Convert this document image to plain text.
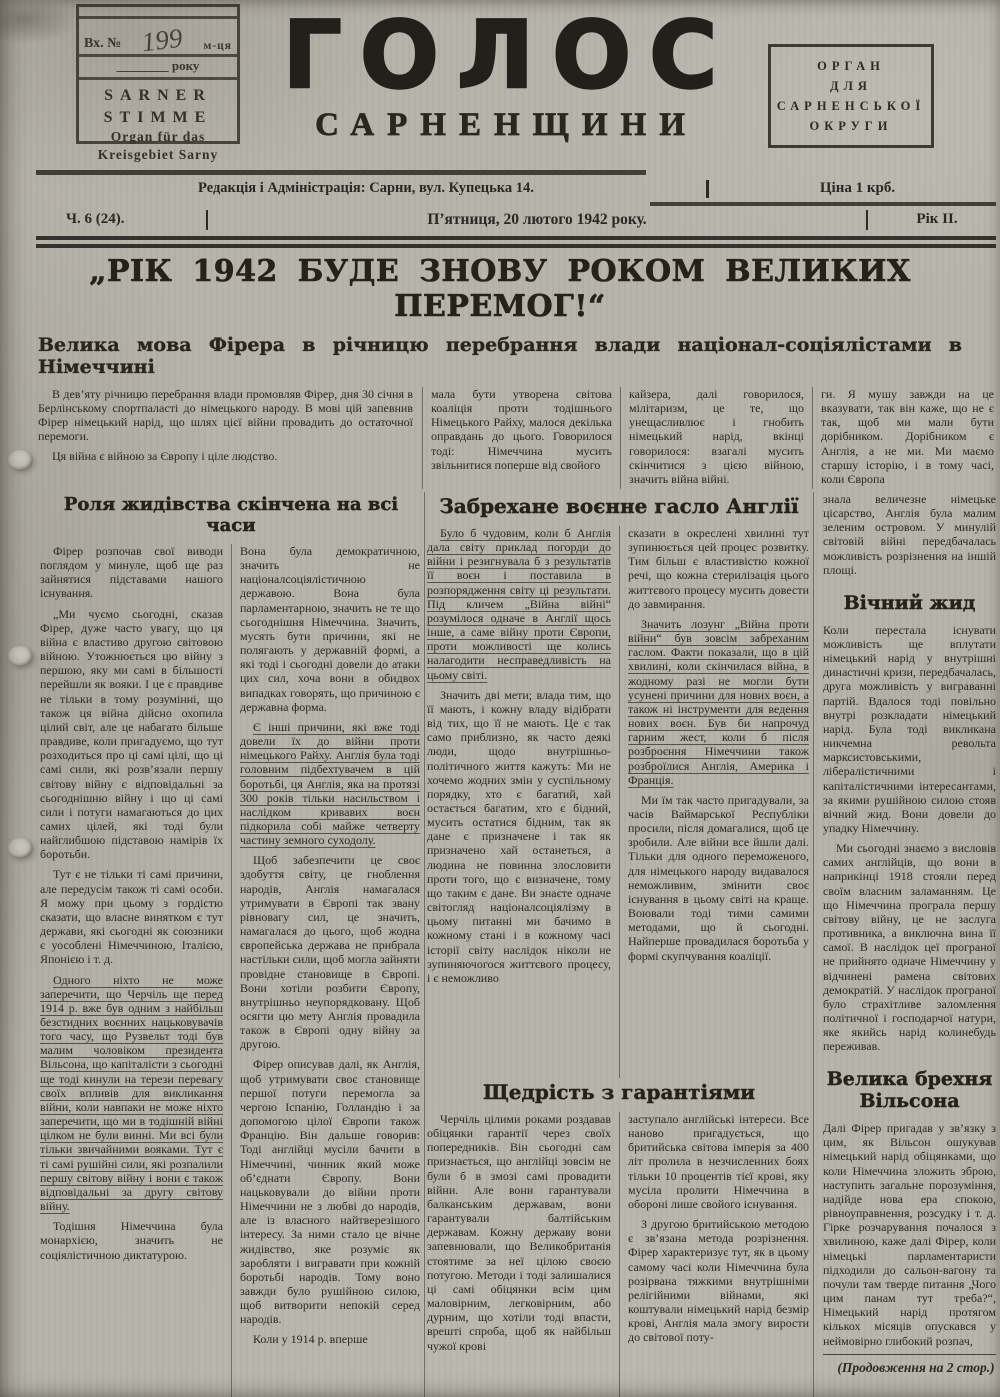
Вх. № 199	м-ця
________ року
SARNER
STIMME
Organ für das
Kreisgebiet Sarny
ГОЛОС
САРНЕНЩИНИ
ОРГАН
ДЛЯ
САРНЕНСЬКОЇ
ОКРУГИ
Редакція і Адміністрація: Сарни, вул. Купецька 14.	Ціна 1 крб.
Ч. 6 (24).	П’ятниця, 20 лютого 1942 року.	Рік II.
„РІК 1942 БУДЕ ЗНОВУ РОКОМ ВЕЛИКИХ ПЕРЕМОГ!“
Велика мова Фірера в річницю перебрання влади націонал-соціялістами в Німеччині

В дев’яту річницю перебрання влади промовляв Фірер, дня 30 січня в Берлінському спортпаласті до німецького народу. В мові цій запевнив Фірер німецький нарід, що шлях цієї війни провадить до остаточної перемоги.

Ця війна є війною за Європу і ціле людство.

мала бути утворена світова коаліція проти тодішнього Німецького Райху, малося декілька оправдань до цього. Говорилося тоді: Німеччина мусить звільнитися поперше від свойого

кайзера, далі говорилося, мілітаризм, це те, що унещасливлює і гнобить німецький нарід, вкінці говорилося: взагалі мусить скінчитися з цією війною, значить війна війні.

ги. Я мушу завжди на це вказувати, так він каже, що не є так, щоб ми мали бути дорібником. Дорібником є Англія, а не ми. Ми маємо старшу історію, і в тому часі, коли Європа

Роля жидівства скінчена на всі часи

Фірер розпочав свої виводи поглядом у минуле, щоб ще раз зайнятися підставами нашого існування.

„Ми чуємо сьогодні, сказав Фірер, дуже часто увагу, що ця війна є властиво другою світовою війною. Утожнюється цю війну з першою, яку ми самі в більшості перейшли як вояки. І це є правдиве не тільки в тому розумінні, що також ця війна дійсно охопила цілий світ, але це набагато більше правдиве, коли пригадуємо, що тут розходиться про ці самі цілі, що ці самі сили, які розв’язали першу світову війну є відповідальні за сьогоднішню війну і що ці самі сили і потуги намагаються до цих самих цілей, які тоді були найглибшою підставою намірів їх боротьби.

Тут є не тільки ті самі причини, але передусім також ті самі особи. Я можу при цьому з гордістю сказати, що власне винятком є тут держави, які сьогодні як союзники є уособлені Німеччиною, Італією, Японією і т. д.

Одного ніхто не може заперечити, що Черчіль ще перед 1914 р. вже був одним з найбільш безстидних воєнних нацьковувачів того часу, що Рузвельт тоді був малим чоловіком президента Вільсона, що капіталісти з сьогодні ще тоді кинули на терези перевагу своїх впливів для викликання війни, коли навпаки не може ніхто заперечити, що ми в тодішній війні цілком не були винні. Ми всі були тільки звичайними вояками. Тут є ті самі рушійні сили, які розпалили першу світову війну і вони є також відповідальні за другу світову війну.

Тодішня Німеччина була монархією, значить не соціялістичною диктатурою.

Вона була демократичною, значить не націоналсоціялістичною державою. Вона була парламентарною, значить не те що сьогоднішня Німеччина. Значить, мусять бути причини, які не полягають у державній формі, а які тоді і сьогодні довели до атаки цих сил, хоча вони в обидвох випадках говорять, що причиною є державна форма.

Є інші причини, які вже тоді довели їх до війни проти німецького Райху. Англія була тоді головним підбехтувачем в цій боротьбі, ця Англія, яка на протязі 300 років тільки насильством і наслідком кривавих воєн підкорила собі майже четверту частину земного суходолу.

Щоб забезпечити це своє здобуття світу, це гноблення народів, Англія намагалася утримувати в Європі так звану рівновагу сил, це значить, намагалася до цього, щоб жодна європейська держава не прибрала настільки сили, щоб могла зайняти провідне становище в Європі. Вони хотіли розбити Європу, внутрішньо неупорядковану. Щоб осягти цю мету Англія провадила також в Європі одну війну за другою.

Фірер описував далі, як Англія, щоб утримувати своє становище першої потуги перемогла за чергою Іспанію, Голландію і за допомогою цілої Європи також Францію. Він дальше говорив: Тоді англійці мусіли бачити в Німеччині, чинник який може об’єднати Європу. Вони нацьковували до війни проти Німеччини не з любві до народів, але із власного найтверезішого інтересу. За ними стало це вічне жидівство, яке розуміє як заробляти і вигравати при кожній боротьбі народів. Тому воно завжди було рушійною силою, щоб витворити непокій серед народів.

Коли у 1914 р. вперше

Забрехане воєнне гасло Англії

Було б чудовим, коли б Англія дала світу приклад погорди до війни і резигнувала б з результатів її воєн і поставила в розпорядження світу ці результати. Під кличем „Війна війні“ розумілося одначе в Англії щось інше, а саме війну проти Європи, проти можливості ще колись налагодити несправедливість на цьому світі.

Значить дві мети; влада тим, що її мають, і кожну владу відібрати від тих, що її не мають. Це є так само приблизно, як часто деякі люди, щодо внутрішньо-політичного життя кажуть: Ми не хочемо жодних змін у суспільному порядку, хто є багатий, хай остається багатим, хто є бідний, мусить остатися бідним, так як дане є призначене і так як призначено хай останеться, а людина не повинна злословити проти того, що є визначене, тому що таким є дане. Ви знаєте одначе світогляд націоналсоціялізму в цьому питанні ми бачимо в кожному стані і в кожному часі історії світу наслідок ніколи не зупиняючогося життєвого процесу, і є неможливо

сказати в окреслені хвилині тут зупинюється цей процес розвитку. Тим більш є властивістю кожної речі, що кожна стерилізація цього життєвого процесу мусить довести до завмирання.

Значить лозунг „Війна проти війни“ був зовсім забреханим гаслом. Факти показали, що в цій хвилині, коли скінчилася війна, в жодному разі не могли бути усунені причини для нових воєн, а також ні інструменти для ведення нових воєн. Був би напрочуд гарним жест, коли б після розброєння Німеччини також розброїлися Англія, Америка і Франція.

Ми їм так часто пригадували, за часів Ваймарської Республіки просили, після домагалися, щоб це зробили. Але війни все йшли далі. Тільки для одного переможеного, для німецького народу видавалося неможливим, змінити своє існування в цьому світі на краще. Воювали тоді тими самими методами, що й сьогодні. Найперше провадилася боротьба у формі скупчування коаліції.

Щедрість з гарантіями

Черчіль цілими роками роздавав обіцянки гарантії через своїх попередників. Він сьогодні сам признається, що англійці зовсім не були б в змозі самі провадити війни. Але вони гарантували балканським державам, вони гарантували балтійським державам. Кожну державу вони запевнювали, що Великобританія стоятиме за неї цілою своєю потугою. Методи і тоді залишалися ці самі обіцянки всім цим маловірним, легковірним, або дурним, що хотіли тоді впасти, врешті спроба, щоб як найбільш чужої крові

заступало англійські інтереси. Все наново пригадується, що бритийська світова імперія за 400 літ пролила в незчисленних боях тільки 10 процентів тієї крові, яку мусіла пролити Німеччина в обороні лише свойого існування.

З другою бритийською методою є зв’язана метода розрізнення. Фірер характеризує тут, як в цьому самому часі коли Німеччина була розірвана тяжкими внутрішніми релігійними війнами, які коштували німецький нарід безмір крові, Англія мала змогу вирости до світової поту-

знала величезне німецьке цісарство, Англія була малим зеленим островом. У минулій світовій війні передбачалась можливість розрізнення на іншій площі.

Вічний жид

Коли перестала існувати можливість ще вплутати німецький нарід у внутрішні династичні кризи, передбачалась, друга можливість у виграванні партій. Вдалося тоді повільно внутрі розкладати німецький нарід. Була тоді викликана никчемна револьта марксистовськими, лібералістичними і капіталістичними інтересантами, за якими рушійною силою стояв вічний жид. Вони довели до упадку Німеччину.

Ми сьогодні знаємо з висловів самих англійців, що вони в наприкінці 1918 стояли перед своїм власним заламанням. Це що Німеччина програла першу світову війну, це не заслуга противника, а виключна вина її самої. В наслідок цеї програної не прийнято одначе Німеччину у відчинені рамена світових демократій. У наслідок програної було страхітливе заломлення політичної і господарчої натури, яке якийсь нарід колинебудь переживав.

Велика брехня Вільсона

Далі Фірер пригадав у зв’язку з цим, як Вільсон ошукував німецький нарід обіцянками, що коли Німеччина зложить зброю, наступить загальне порозуміння, надійде нова ера спокою, рівноуправнення, розсудку і т. д. Гірке розчарування почалося з хвилиною, каже далі Фірер, коли німецькі парламентаристи підходили до сальон-вагону та почули там тверде питання „Чого цим панам тут треба?“, Німецький нарід протягом кількох місяців опускався у неймовірно глибокий розпач,

(Продовження на 2 стор.)
